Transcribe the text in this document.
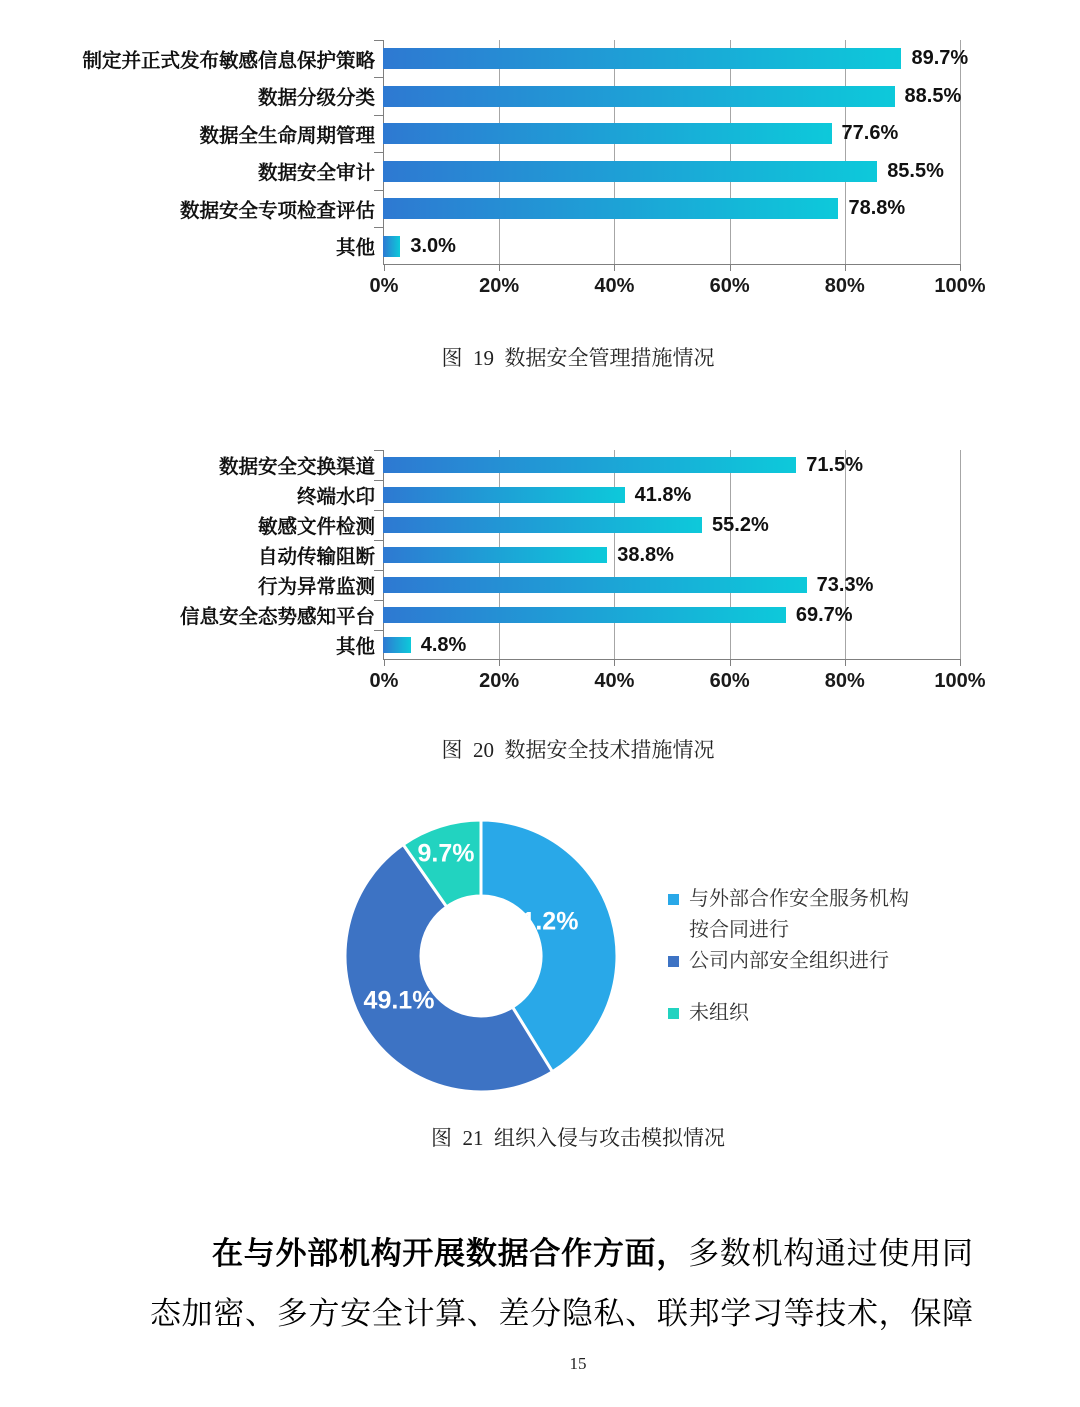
0%	20%	40%	60%	80%	100%
制定并正式发布敏感信息保护策略	89.7%
数据分级分类	88.5%
数据全生命周期管理	77.6%
数据安全审计	85.5%
数据安全专项检查评估	78.8%
其他	3.0%
图  19  数据安全管理措施情况
0%	20%	40%	60%	80%	100%
数据安全交换渠道	71.5%
终端水印	41.8%
敏感文件检测	55.2%
自动传输阻断	38.8%
行为异常监测	73.3%
信息安全态势感知平台	69.7%
其他	4.8%
图  20  数据安全技术措施情况
41.2%
49.1%
9.7%
与外部合作安全服务机构
按合同进行
公司内部安全组织进行
未组织
图  21  组织入侵与攻击模拟情况
在与外部机构开展数据合作方面，多数机构通过使用同
态加密、多方安全计算、差分隐私、联邦学习等技术，保障
15
